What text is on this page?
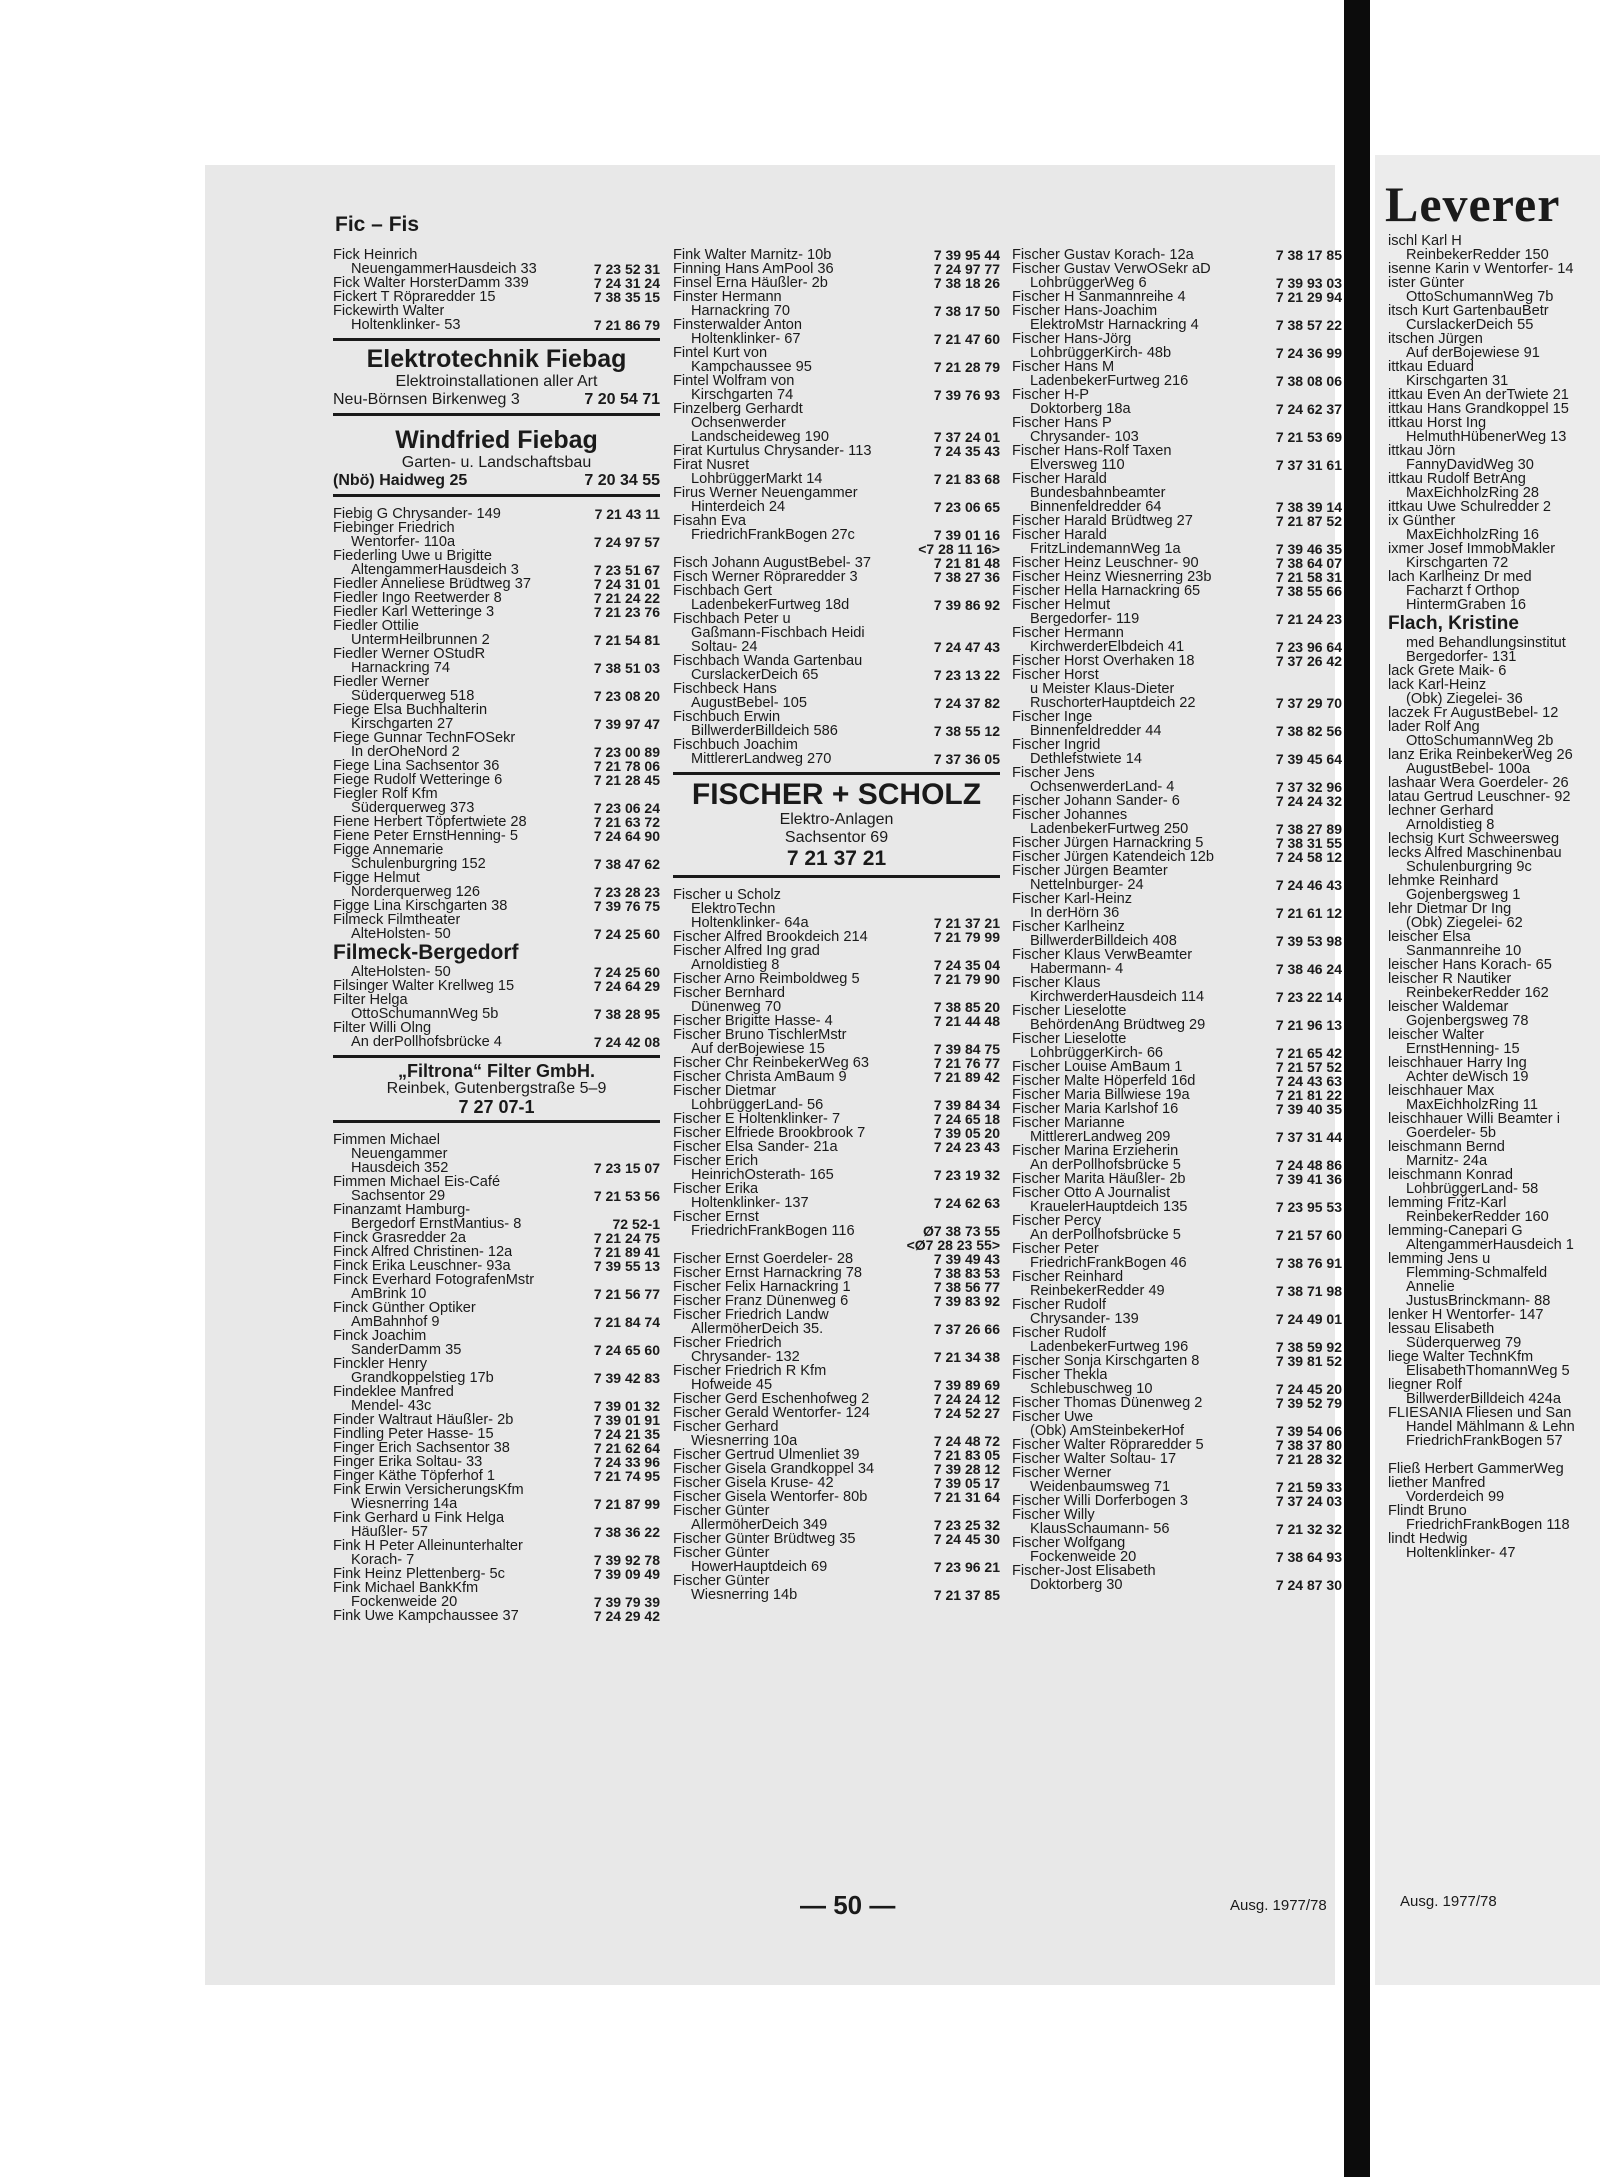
Fic – Fis
Fick Heinrich
NeuengammerHausdeich 33	7 23 52 31
Fick Walter HorsterDamm 339	7 24 31 24
Fickert T Röpraredder 15	7 38 35 15
Fickewirth Walter
Holtenklinker- 53	7 21 86 79
Elektrotechnik Fiebag
Elektroinstallationen aller Art
Neu-Börnsen Birkenweg 3	7 20 54 71
Windfried Fiebag
Garten- u. Landschaftsbau
(Nbö) Haidweg 25	7 20 34 55
Fiebig G Chrysander- 149	7 21 43 11
Fiebinger Friedrich
Wentorfer- 110a	7 24 97 57
Fiederling Uwe u Brigitte
AltengammerHausdeich 3	7 23 51 67
Fiedler Anneliese Brüdtweg 37	7 24 31 01
Fiedler Ingo Reetwerder 8	7 21 24 22
Fiedler Karl Wetteringe 3	7 21 23 76
Fiedler Ottilie
UntermHeilbrunnen 2	7 21 54 81
Fiedler Werner OStudR
Harnackring 74	7 38 51 03
Fiedler Werner
Süderquerweg 518	7 23 08 20
Fiege Elsa Buchhalterin
Kirschgarten 27	7 39 97 47
Fiege Gunnar TechnFOSekr
In derOheNord 2	7 23 00 89
Fiege Lina Sachsentor 36	7 21 78 06
Fiege Rudolf Wetteringe 6	7 21 28 45
Fiegler Rolf Kfm
Süderquerweg 373	7 23 06 24
Fiene Herbert Töpfertwiete 28	7 21 63 72
Fiene Peter ErnstHenning- 5	7 24 64 90
Figge Annemarie
Schulenburgring 152	7 38 47 62
Figge Helmut
Norderquerweg 126	7 23 28 23
Figge Lina Kirschgarten 38	7 39 76 75
Filmeck Filmtheater
AlteHolsten- 50	7 24 25 60
Filmeck-Bergedorf
AlteHolsten- 50	7 24 25 60
Filsinger Walter Krellweg 15	7 24 64 29
Filter Helga
OttoSchumannWeg 5b	7 38 28 95
Filter Willi Olng
An derPollhofsbrücke 4	7 24 42 08
„Filtrona“ Filter GmbH.
Reinbek, Gutenbergstraße 5–9
7 27 07-1
Fimmen Michael
Neuengammer
Hausdeich 352	7 23 15 07
Fimmen Michael Eis-Café
Sachsentor 29	7 21 53 56
Finanzamt Hamburg-
Bergedorf ErnstMantius- 8	72 52-1
Finck Grasredder 2a	7 21 24 75
Finck Alfred Christinen- 12a	7 21 89 41
Finck Erika Leuschner- 93a	7 39 55 13
Finck Everhard FotografenMstr
AmBrink 10	7 21 56 77
Finck Günther Optiker
AmBahnhof 9	7 21 84 74
Finck Joachim
SanderDamm 35	7 24 65 60
Finckler Henry
Grandkoppelstieg 17b	7 39 42 83
Findeklee Manfred
Mendel- 43c	7 39 01 32
Finder Waltraut Häußler- 2b	7 39 01 91
Findling Peter Hasse- 15	7 24 21 35
Finger Erich Sachsentor 38	7 21 62 64
Finger Erika Soltau- 33	7 24 33 96
Finger Käthe Töpferhof 1	7 21 74 95
Fink Erwin VersicherungsKfm
Wiesnerring 14a	7 21 87 99
Fink Gerhard u Fink Helga
Häußler- 57	7 38 36 22
Fink H Peter Alleinunterhalter
Korach- 7	7 39 92 78
Fink Heinz Plettenberg- 5c	7 39 09 49
Fink Michael BankKfm
Fockenweide 20	7 39 79 39
Fink Uwe Kampchaussee 37	7 24 29 42
Fink Walter Marnitz- 10b	7 39 95 44
Finning Hans AmPool 36	7 24 97 77
Finsel Erna Häußler- 2b	7 38 18 26
Finster Hermann
Harnackring 70	7 38 17 50
Finsterwalder Anton
Holtenklinker- 67	7 21 47 60
Fintel Kurt von
Kampchaussee 95	7 21 28 79
Fintel Wolfram von
Kirschgarten 74	7 39 76 93
Finzelberg Gerhardt
Ochsenwerder
Landscheideweg 190	7 37 24 01
Firat Kurtulus Chrysander- 113	7 24 35 43
Firat Nusret
LohbrüggerMarkt 14	7 21 83 68
Firus Werner Neuengammer
Hinterdeich 24	7 23 06 65
Fisahn Eva
FriedrichFrankBogen 27c	7 39 01 16
<7 28 11 16>
Fisch Johann AugustBebel- 37	7 21 81 48
Fisch Werner Röpraredder 3	7 38 27 36
Fischbach Gert
LadenbekerFurtweg 18d	7 39 86 92
Fischbach Peter u
Gaßmann-Fischbach Heidi
Soltau- 24	7 24 47 43
Fischbach Wanda Gartenbau
CurslackerDeich 65	7 23 13 22
Fischbeck Hans
AugustBebel- 105	7 24 37 82
Fischbuch Erwin
BillwerderBilldeich 586	7 38 55 12
Fischbuch Joachim
MittlererLandweg 270	7 37 36 05
FISCHER + SCHOLZ
Elektro-Anlagen
Sachsentor 69
7 21 37 21
Fischer u Scholz
ElektroTechn
Holtenklinker- 64a	7 21 37 21
Fischer Alfred Brookdeich 214	7 21 79 99
Fischer Alfred Ing grad
Arnoldistieg 8	7 24 35 04
Fischer Arno Reimboldweg 5	7 21 79 90
Fischer Bernhard
Dünenweg 70	7 38 85 20
Fischer Brigitte Hasse- 4	7 21 44 48
Fischer Bruno TischlerMstr
Auf derBojewiese 15	7 39 84 75
Fischer Chr ReinbekerWeg 63	7 21 76 77
Fischer Christa AmBaum 9	7 21 89 42
Fischer Dietmar
LohbrüggerLand- 56	7 39 84 34
Fischer E Holtenklinker- 7	7 24 65 18
Fischer Elfriede Brookbrook 7	7 39 05 20
Fischer Elsa Sander- 21a	7 24 23 43
Fischer Erich
HeinrichOsterath- 165	7 23 19 32
Fischer Erika
Holtenklinker- 137	7 24 62 63
Fischer Ernst
FriedrichFrankBogen 116	Ø7 38 73 55
<Ø7 28 23 55>
Fischer Ernst Goerdeler- 28	7 39 49 43
Fischer Ernst Harnackring 78	7 38 83 53
Fischer Felix Harnackring 1	7 38 56 77
Fischer Franz Dünenweg 6	7 39 83 92
Fischer Friedrich Landw
AllermöherDeich 35.	7 37 26 66
Fischer Friedrich
Chrysander- 132	7 21 34 38
Fischer Friedrich R Kfm
Hofweide 45	7 39 89 69
Fischer Gerd Eschenhofweg 2	7 24 24 12
Fischer Gerald Wentorfer- 124	7 24 52 27
Fischer Gerhard
Wiesnerring 10a	7 24 48 72
Fischer Gertrud Ulmenliet 39	7 21 83 05
Fischer Gisela Grandkoppel 34	7 39 28 12
Fischer Gisela Kruse- 42	7 39 05 17
Fischer Gisela Wentorfer- 80b	7 21 31 64
Fischer Günter
AllermöherDeich 349	7 23 25 32
Fischer Günter Brüdtweg 35	7 24 45 30
Fischer Günter
HowerHauptdeich 69	7 23 96 21
Fischer Günter
Wiesnerring 14b	7 21 37 85
Fischer Gustav Korach- 12a	7 38 17 85
Fischer Gustav VerwOSekr aD
LohbrüggerWeg 6	7 39 93 03
Fischer H Sanmannreihe 4	7 21 29 94
Fischer Hans-Joachim
ElektroMstr Harnackring 4	7 38 57 22
Fischer Hans-Jörg
LohbrüggerKirch- 48b	7 24 36 99
Fischer Hans M
LadenbekerFurtweg 216	7 38 08 06
Fischer H-P
Doktorberg 18a	7 24 62 37
Fischer Hans P
Chrysander- 103	7 21 53 69
Fischer Hans-Rolf Taxen
Elversweg 110	7 37 31 61
Fischer Harald
Bundesbahnbeamter
Binnenfeldredder 64	7 38 39 14
Fischer Harald Brüdtweg 27	7 21 87 52
Fischer Harald
FritzLindemannWeg 1a	7 39 46 35
Fischer Heinz Leuschner- 90	7 38 64 07
Fischer Heinz Wiesnerring 23b	7 21 58 31
Fischer Hella Harnackring 65	7 38 55 66
Fischer Helmut
Bergedorfer- 119	7 21 24 23
Fischer Hermann
KirchwerderElbdeich 41	7 23 96 64
Fischer Horst Overhaken 18	7 37 26 42
Fischer Horst
u Meister Klaus-Dieter
RuschorterHauptdeich 22	7 37 29 70
Fischer Inge
Binnenfeldredder 44	7 38 82 56
Fischer Ingrid
Dethlefstwiete 14	7 39 45 64
Fischer Jens
OchsenwerderLand- 4	7 37 32 96
Fischer Johann Sander- 6	7 24 24 32
Fischer Johannes
LadenbekerFurtweg 250	7 38 27 89
Fischer Jürgen Harnackring 5	7 38 31 55
Fischer Jürgen Katendeich 12b	7 24 58 12
Fischer Jürgen Beamter
Nettelnburger- 24	7 24 46 43
Fischer Karl-Heinz
In derHörn 36	7 21 61 12
Fischer Karlheinz
BillwerderBilldeich 408	7 39 53 98
Fischer Klaus VerwBeamter
Habermann- 4	7 38 46 24
Fischer Klaus
KirchwerderHausdeich 114	7 23 22 14
Fischer Lieselotte
BehördenAng Brüdtweg 29	7 21 96 13
Fischer Lieselotte
LohbrüggerKirch- 66	7 21 65 42
Fischer Louise AmBaum 1	7 21 57 52
Fischer Malte Höperfeld 16d	7 24 43 63
Fischer Maria Billwiese 19a	7 21 81 22
Fischer Maria Karlshof 16	7 39 40 35
Fischer Marianne
MittlererLandweg 209	7 37 31 44
Fischer Marina Erzieherin
An derPollhofsbrücke 5	7 24 48 86
Fischer Marita Häußler- 2b	7 39 41 36
Fischer Otto A Journalist
KrauelerHauptdeich 135	7 23 95 53
Fischer Percy
An derPollhofsbrücke 5	7 21 57 60
Fischer Peter
FriedrichFrankBogen 46	7 38 76 91
Fischer Reinhard
ReinbekerRedder 49	7 38 71 98
Fischer Rudolf
Chrysander- 139	7 24 49 01
Fischer Rudolf
LadenbekerFurtweg 196	7 38 59 92
Fischer Sonja Kirschgarten 8	7 39 81 52
Fischer Thekla
Schlebuschweg 10	7 24 45 20
Fischer Thomas Dünenweg 2	7 39 52 79
Fischer Uwe
(Obk) AmSteinbekerHof	7 39 54 06
Fischer Walter Röpraredder 5	7 38 37 80
Fischer Walter Soltau- 17	7 21 28 32
Fischer Werner
Weidenbaumsweg 71	7 21 59 33
Fischer Willi Dorferbogen 3	7 37 24 03
Fischer Willy
KlausSchaumann- 56	7 21 32 32
Fischer Wolfgang
Fockenweide 20	7 38 64 93
Fischer-Jost Elisabeth
Doktorberg 30	7 24 87 30
Leverer
ischl Karl H
ReinbekerRedder 150
isenne Karin v Wentorfer- 14
ister Günter
OttoSchumannWeg 7b
itsch Kurt GartenbauBetr
CurslackerDeich 55
itschen Jürgen
Auf derBojewiese 91
ittkau Eduard
Kirschgarten 31
ittkau Even An derTwiete 21
ittkau Hans Grandkoppel 15
ittkau Horst Ing
HelmuthHübenerWeg 13
ittkau Jörn
FannyDavidWeg 30
ittkau Rudolf BetrAng
MaxEichholzRing 28
ittkau Uwe Schulredder 2
ix Günther
MaxEichholzRing 16
ixmer Josef ImmobMakler
Kirschgarten 72
lach Karlheinz Dr med
Facharzt f Orthop
HintermGraben 16
Flach, Kristine
med Behandlungsinstitut
Bergedorfer- 131
lack Grete Maik- 6
lack Karl-Heinz
(Obk) Ziegelei- 36
laczek Fr AugustBebel- 12
lader Rolf Ang
OttoSchumannWeg 2b
lanz Erika ReinbekerWeg 26
AugustBebel- 100a
lashaar Wera Goerdeler- 26
latau Gertrud Leuschner- 92
lechner Gerhard
Arnoldistieg 8
lechsig Kurt Schweersweg
lecks Alfred Maschinenbau
Schulenburgring 9c
lehmke Reinhard
Gojenbergsweg 1
lehr Dietmar Dr Ing
(Obk) Ziegelei- 62
leischer Elsa
Sanmannreihe 10
leischer Hans Korach- 65
leischer R Nautiker
ReinbekerRedder 162
leischer Waldemar
Gojenbergsweg 78
leischer Walter
ErnstHenning- 15
leischhauer Harry Ing
Achter deWisch 19
leischhauer Max
MaxEichholzRing 11
leischhauer Willi Beamter i
Goerdeler- 5b
leischmann Bernd
Marnitz- 24a
leischmann Konrad
LohbrüggerLand- 58
lemming Fritz-Karl
ReinbekerRedder 160
lemming-Canepari G
AltengammerHausdeich 1
lemming Jens u
Flemming-Schmalfeld
Annelie
JustusBrinckmann- 88
lenker H Wentorfer- 147
lessau Elisabeth
Süderquerweg 79
liege Walter TechnKfm
ElisabethThomannWeg 5
liegner Rolf
BillwerderBilldeich 424a
FLIESANIA Fliesen und San
Handel Mählmann & Lehn
FriedrichFrankBogen 57
Fließ Herbert GammerWeg
liether Manfred
Vorderdeich 99
Flindt Bruno
FriedrichFrankBogen 118
lindt Hedwig
Holtenklinker- 47
— 50 —	Ausg. 1977/78	Ausg. 1977/78
